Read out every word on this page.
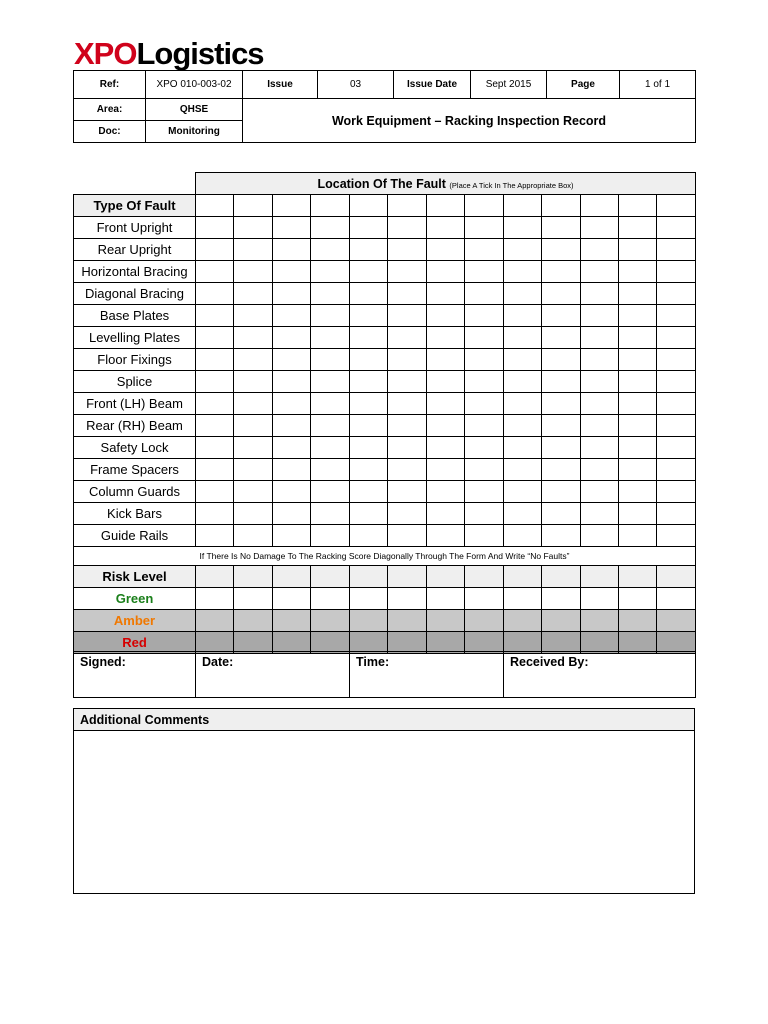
XPOLogistics
Ref:	XPO 010-003-02	Issue	03	Issue Date	Sept 2015	Page	1 of 1
Area:	QHSE	Work Equipment – Racking Inspection Record					
Doc:	Monitoring						
	Location Of The Fault (Place A Tick In The Appropriate Box)												
Type Of Fault													
Front Upright													
Rear Upright													
Horizontal Bracing													
Diagonal Bracing													
Base Plates													
Levelling Plates													
Floor Fixings													
Splice													
Front (LH) Beam													
Rear (RH) Beam													
Safety Lock													
Frame Spacers													
Column Guards													
Kick Bars													
Guide Rails													
If There Is No Damage To The Racking Score Diagonally Through The Form And Write “No Faults”													
Risk Level													
Green													
Amber													
Red													
Signed:	Date:	Time:	Received By:
Additional Comments
